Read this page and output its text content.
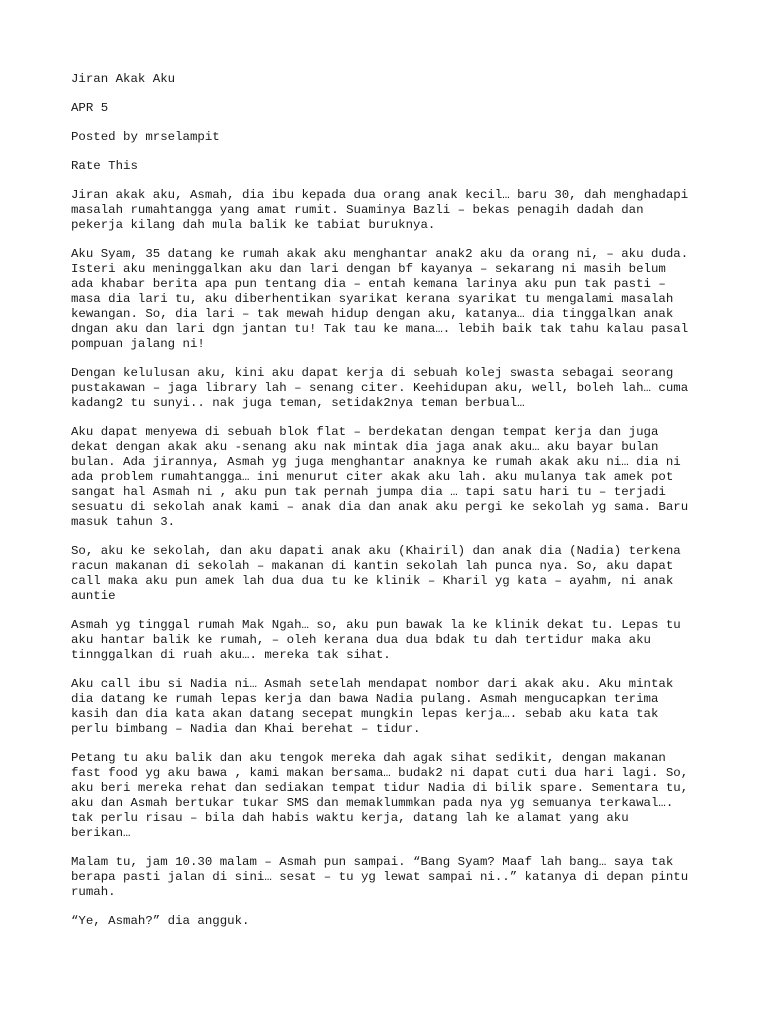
Jiran Akak Aku
APR 5
Posted by mrselampit
Rate This
Jiran akak aku, Asmah, dia ibu kepada dua orang anak kecil… baru 30, dah menghadapi
masalah rumahtangga yang amat rumit. Suaminya Bazli – bekas penagih dadah dan
pekerja kilang dah mula balik ke tabiat buruknya.
Aku Syam, 35 datang ke rumah akak aku menghantar anak2 aku da orang ni, – aku duda.
Isteri aku meninggalkan aku dan lari dengan bf kayanya – sekarang ni masih belum
ada khabar berita apa pun tentang dia – entah kemana larinya aku pun tak pasti –
masa dia lari tu, aku diberhentikan syarikat kerana syarikat tu mengalami masalah
kewangan. So, dia lari – tak mewah hidup dengan aku, katanya… dia tinggalkan anak
dngan aku dan lari dgn jantan tu! Tak tau ke mana…. lebih baik tak tahu kalau pasal
pompuan jalang ni!
Dengan kelulusan aku, kini aku dapat kerja di sebuah kolej swasta sebagai seorang
pustakawan – jaga library lah – senang citer. Keehidupan aku, well, boleh lah… cuma
kadang2 tu sunyi.. nak juga teman, setidak2nya teman berbual…
Aku dapat menyewa di sebuah blok flat – berdekatan dengan tempat kerja dan juga
dekat dengan akak aku -senang aku nak mintak dia jaga anak aku… aku bayar bulan
bulan. Ada jirannya, Asmah yg juga menghantar anaknya ke rumah akak aku ni… dia ni
ada problem rumahtangga… ini menurut citer akak aku lah. aku mulanya tak amek pot
sangat hal Asmah ni , aku pun tak pernah jumpa dia … tapi satu hari tu – terjadi
sesuatu di sekolah anak kami – anak dia dan anak aku pergi ke sekolah yg sama. Baru
masuk tahun 3.
So, aku ke sekolah, dan aku dapati anak aku (Khairil) dan anak dia (Nadia) terkena
racun makanan di sekolah – makanan di kantin sekolah lah punca nya. So, aku dapat
call maka aku pun amek lah dua dua tu ke klinik – Kharil yg kata – ayahm, ni anak
auntie
Asmah yg tinggal rumah Mak Ngah… so, aku pun bawak la ke klinik dekat tu. Lepas tu
aku hantar balik ke rumah, – oleh kerana dua dua bdak tu dah tertidur maka aku
tinnggalkan di ruah aku…. mereka tak sihat.
Aku call ibu si Nadia ni… Asmah setelah mendapat nombor dari akak aku. Aku mintak
dia datang ke rumah lepas kerja dan bawa Nadia pulang. Asmah mengucapkan terima
kasih dan dia kata akan datang secepat mungkin lepas kerja…. sebab aku kata tak
perlu bimbang – Nadia dan Khai berehat – tidur.
Petang tu aku balik dan aku tengok mereka dah agak sihat sedikit, dengan makanan
fast food yg aku bawa , kami makan bersama… budak2 ni dapat cuti dua hari lagi. So,
aku beri mereka rehat dan sediakan tempat tidur Nadia di bilik spare. Sementara tu,
aku dan Asmah bertukar tukar SMS dan memaklummkan pada nya yg semuanya terkawal….
tak perlu risau – bila dah habis waktu kerja, datang lah ke alamat yang aku
berikan…
Malam tu, jam 10.30 malam – Asmah pun sampai. “Bang Syam? Maaf lah bang… saya tak
berapa pasti jalan di sini… sesat – tu yg lewat sampai ni..” katanya di depan pintu
rumah.
“Ye, Asmah?” dia angguk.
